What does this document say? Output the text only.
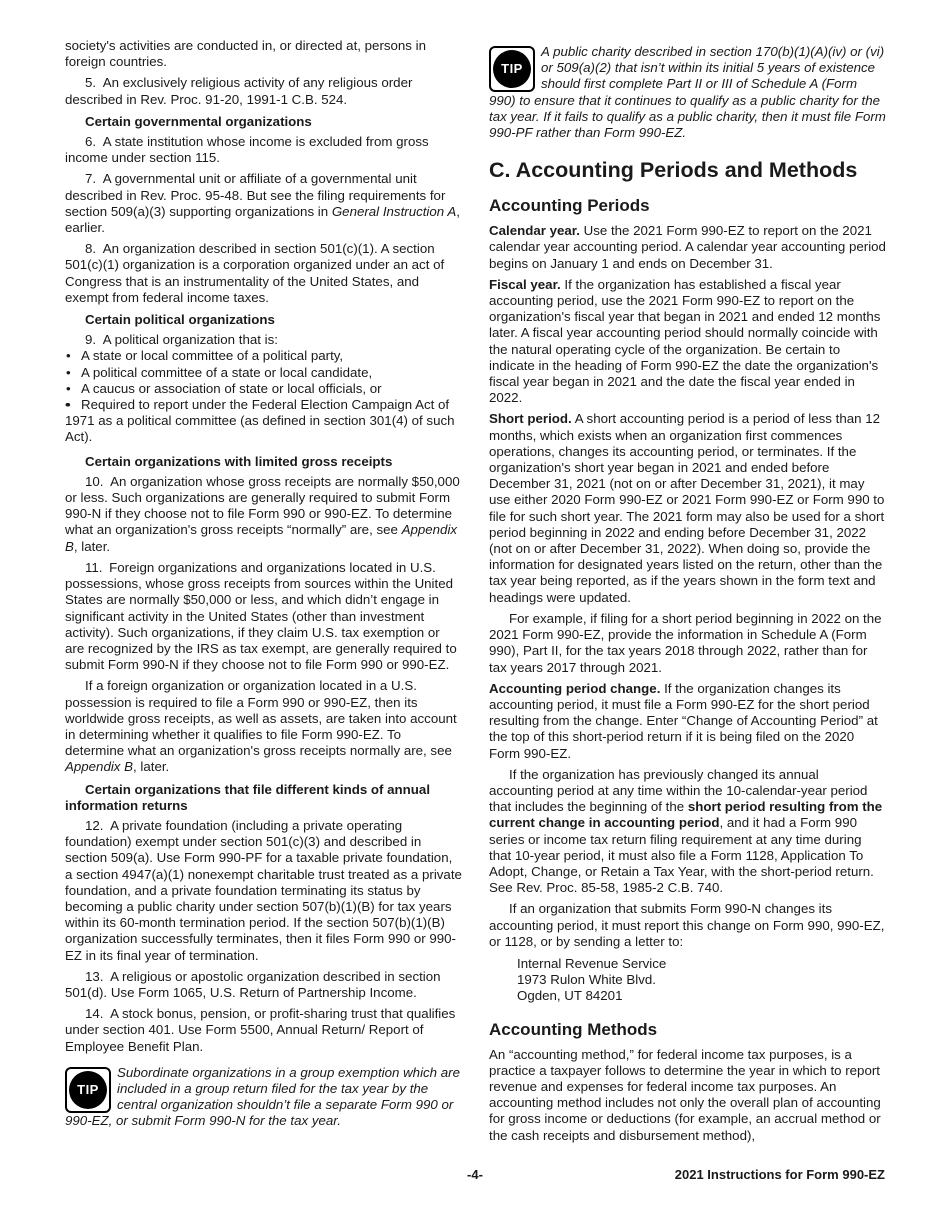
society's activities are conducted in, or directed at, persons in foreign countries.

5. An exclusively religious activity of any religious order described in Rev. Proc. 91-20, 1991-1 C.B. 524.

Certain governmental organizations

6. A state institution whose income is excluded from gross income under section 115.

7. A governmental unit or affiliate of a governmental unit described in Rev. Proc. 95-48. But see the filing requirements for section 509(a)(3) supporting organizations in General Instruction A, earlier.

8. An organization described in section 501(c)(1). A section 501(c)(1) organization is a corporation organized under an act of Congress that is an instrumentality of the United States, and exempt from federal income taxes.

Certain political organizations

9. A political organization that is:

• A state or local committee of a political party,
• A political committee of a state or local candidate,
• A caucus or association of state or local officials, or
• • Required to report under the Federal Election Campaign Act of 1971 as a political committee (as defined in section 301(4) of such Act).
Certain organizations with limited gross receipts

10. An organization whose gross receipts are normally $50,000 or less. Such organizations are generally required to submit Form 990-N if they choose not to file Form 990 or 990-EZ. To determine what an organization's gross receipts “normally” are, see Appendix B, later.

11. Foreign organizations and organizations located in U.S. possessions, whose gross receipts from sources within the United States are normally $50,000 or less, and which didn’t engage in significant activity in the United States (other than investment activity). Such organizations, if they claim U.S. tax exemption or are recognized by the IRS as tax exempt, are generally required to submit Form 990-N if they choose not to file Form 990 or 990-EZ.

If a foreign organization or organization located in a U.S. possession is required to file a Form 990 or 990-EZ, then its worldwide gross receipts, as well as assets, are taken into account in determining whether it qualifies to file Form 990-EZ. To determine what an organization's gross receipts normally are, see Appendix B, later.

Certain organizations that file different kinds of annual information returns

12. A private foundation (including a private operating foundation) exempt under section 501(c)(3) and described in section 509(a). Use Form 990-PF for a taxable private foundation, a section 4947(a)(1) nonexempt charitable trust treated as a private foundation, and a private foundation terminating its status by becoming a public charity under section 507(b)(1)(B) for tax years within its 60-month termination period. If the section 507(b)(1)(B) organization successfully terminates, then it files Form 990 or 990-EZ in its final year of termination.

13. A religious or apostolic organization described in section 501(d). Use Form 1065, U.S. Return of Partnership Income.

14. A stock bonus, pension, or profit-sharing trust that qualifies under section 401. Use Form 5500, Annual Return/ Report of Employee Benefit Plan.

TIP
Subordinate organizations in a group exemption which are included in a group return filed for the tax year by the central organization shouldn’t file a separate Form 990 or 990-EZ, or submit Form 990-N for the tax year.
TIP
A public charity described in section 170(b)(1)(A)(iv) or (vi) or 509(a)(2) that isn’t within its initial 5 years of existence should first complete Part II or III of Schedule A (Form 990) to ensure that it continues to qualify as a public charity for the tax year. If it fails to qualify as a public charity, then it must file Form 990-PF rather than Form 990-EZ.
C. Accounting Periods and Methods
Accounting Periods

Calendar year. Use the 2021 Form 990-EZ to report on the 2021 calendar year accounting period. A calendar year accounting period begins on January 1 and ends on December 31.

Fiscal year. If the organization has established a fiscal year accounting period, use the 2021 Form 990-EZ to report on the organization's fiscal year that began in 2021 and ended 12 months later. A fiscal year accounting period should normally coincide with the natural operating cycle of the organization. Be certain to indicate in the heading of Form 990-EZ the date the organization's fiscal year began in 2021 and the date the fiscal year ended in 2022.

Short period. A short accounting period is a period of less than 12 months, which exists when an organization first commences operations, changes its accounting period, or terminates. If the organization's short year began in 2021 and ended before December 31, 2021 (not on or after December 31, 2021), it may use either 2020 Form 990-EZ or 2021 Form 990-EZ or Form 990 to file for such short year. The 2021 form may also be used for a short period beginning in 2022 and ending before December 31, 2022 (not on or after December 31, 2022). When doing so, provide the information for designated years listed on the return, other than the tax year being reported, as if the years shown in the form text and headings were updated.

For example, if filing for a short period beginning in 2022 on the 2021 Form 990-EZ, provide the information in Schedule A (Form 990), Part II, for the tax years 2018 through 2022, rather than for tax years 2017 through 2021.

Accounting period change. If the organization changes its accounting period, it must file a Form 990-EZ for the short period resulting from the change. Enter “Change of Accounting Period” at the top of this short-period return if it is being filed on the 2020 Form 990-EZ.

If the organization has previously changed its annual accounting period at any time within the 10-calendar-year period that includes the beginning of the short period resulting from the current change in accounting period, and it had a Form 990 series or income tax return filing requirement at any time during that 10-year period, it must also file a Form 1128, Application To Adopt, Change, or Retain a Tax Year, with the short-period return. See Rev. Proc. 85-58, 1985-2 C.B. 740.

If an organization that submits Form 990-N changes its accounting period, it must report this change on Form 990, 990-EZ, or 1128, or by sending a letter to:

Internal Revenue Service
1973 Rulon White Blvd.
Ogden, UT 84201
Accounting Methods

An “accounting method,” for federal income tax purposes, is a practice a taxpayer follows to determine the year in which to report revenue and expenses for federal income tax purposes. An accounting method includes not only the overall plan of accounting for gross income or deductions (for example, an accrual method or the cash receipts and disbursement method),

-4-	2021 Instructions for Form 990-EZ
